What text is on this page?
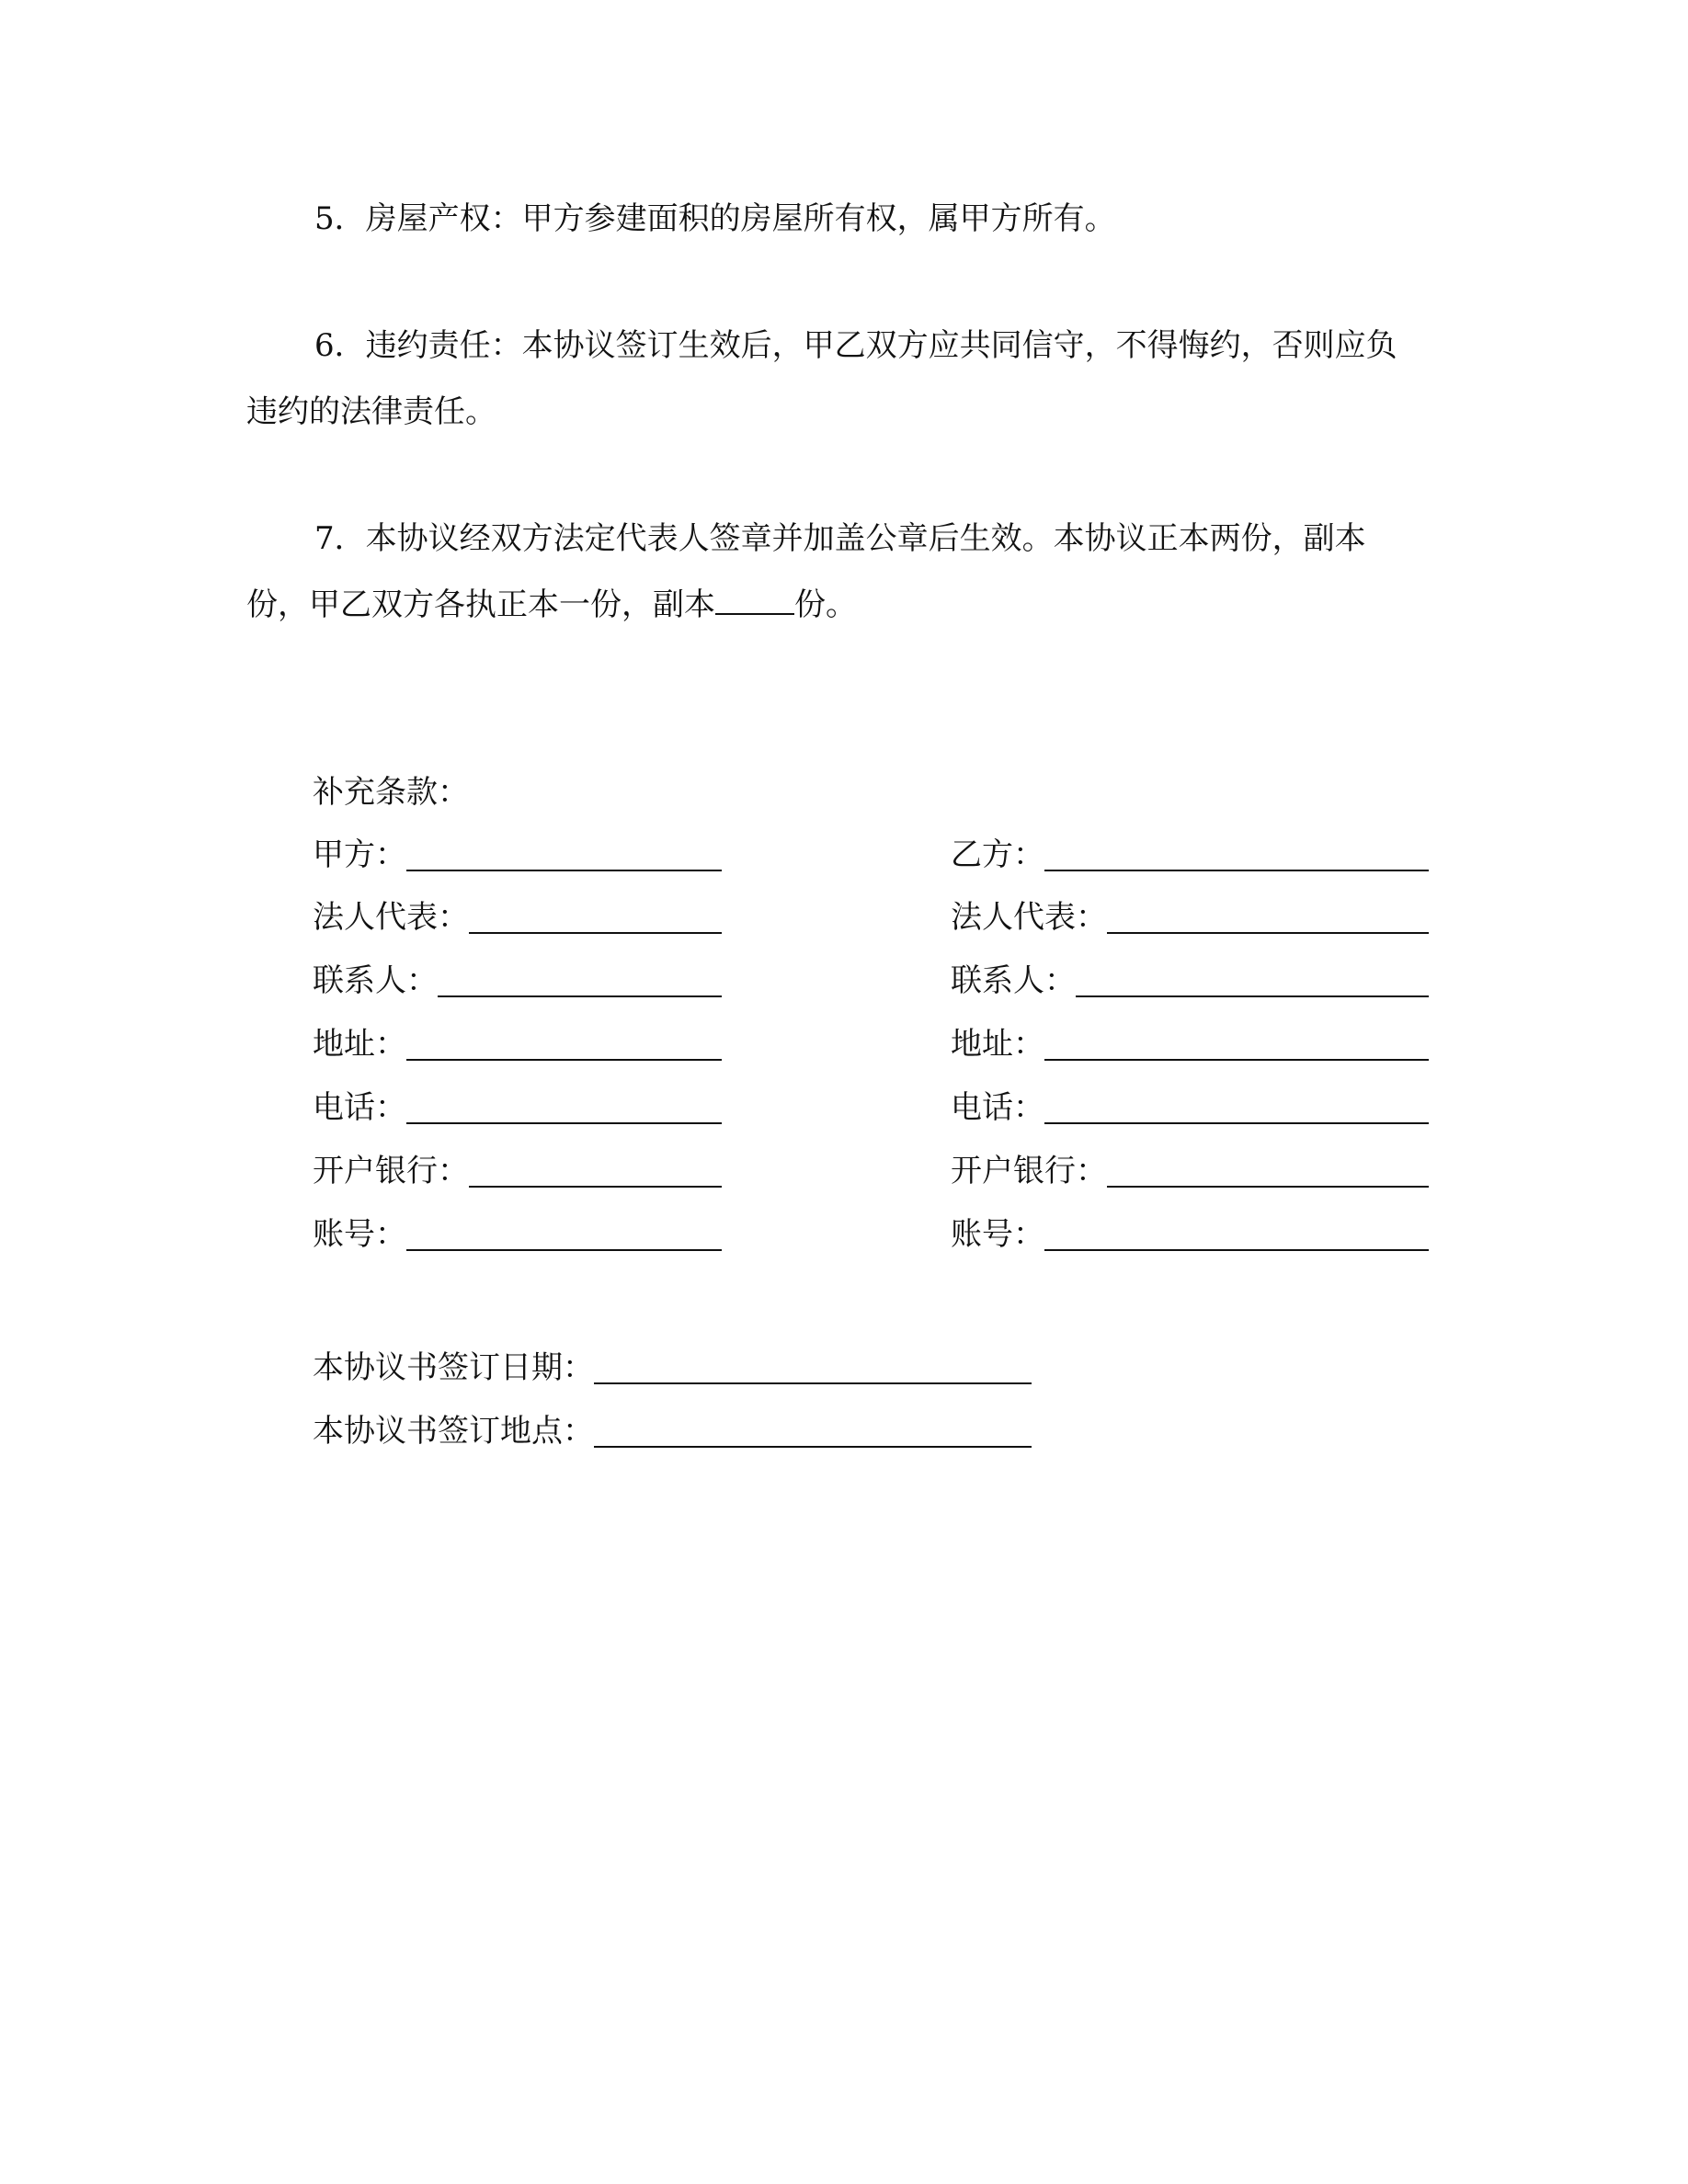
5．房屋产权：甲方参建面积的房屋所有权，属甲方所有。

6．违约责任：本协议签订生效后，甲乙双方应共同信守，不得悔约，否则应负违约的法律责任。

7．本协议经双方法定代表人签章并加盖公章后生效。本协议正本两份，副本份，甲乙双方各执正本一份，副本	份。

补充条款：
甲方：
法人代表：
联系人：
地址：
电话：
开户银行：
账号：
乙方：
法人代表：
联系人：
地址：
电话：
开户银行：
账号：
本协议书签订日期：
本协议书签订地点：
